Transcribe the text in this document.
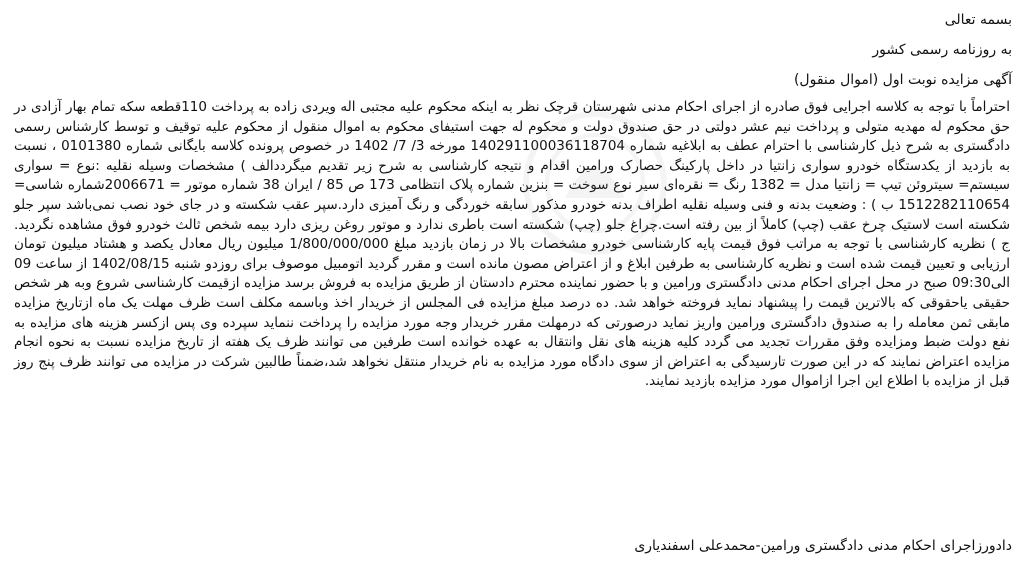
بسمه تعالی
به روزنامه رسمی کشور
آگهی مزایده نوبت اول (اموال منقول)
احتراماً با توجه به کلاسه اجرایی فوق صادره از اجرای احکام مدنی شهرستان قرچک نظر به اینکه محکوم علیه مجتبی اله ویردی زاده به پرداخت 110قطعه سکه تمام بهار آزادی در حق محکوم له مهدیه متولی و پرداخت نیم عشر دولتی در حق صندوق دولت و محکوم له جهت استیفای محکوم به اموال منقول از محکوم علیه توقیف و توسط کارشناس رسمی دادگستری به شرح ذیل کارشناسی با احترام عطف به ابلاغیه شماره 140291100036118704 مورخه 3/ 7/ 1402 در خصوص پرونده کلاسه بایگانی شماره 0101380 ، نسبت به بازدید از یکدستگاه خودرو سواری زانتیا در داخل پارکینگ حصارک ورامین اقدام و نتیجه کارشناسی به شرح زیر تقدیم میگرددالف ) مشخصات وسیله نقلیه :نوع = سواری سیستم= سیتروئن تیپ = زانتیا مدل = 1382 رنگ = نقره‌ای سیر نوع سوخت = بنزین شماره پلاک انتظامی 173 ص 85 / ایران 38 شماره موتور = 2006671شماره شاسی= 1512282110654 ب ) : وضعیت بدنه و فنی وسیله نقلیه اطراف بدنه خودرو مذکور سابقه خوردگی و رنگ آمیزی دارد.سپر عقب شکسته و در جای خود نصب نمی‌باشد سپر جلو شکسته است لاستیک چرخ عقب (چپ) کاملاً از بین رفته است.چراغ جلو (چپ) شکسته است باطری ندارد و موتور روغن ریزی دارد بیمه شخص ثالث خودرو فوق مشاهده نگردید. ج ) نظریه کارشناسی با توجه به مراتب فوق قیمت پایه کارشناسی خودرو مشخصات بالا در زمان بازدید مبلغ 1/800/000/000 میلیون ریال معادل یکصد و هشتاد میلیون تومان ارزیابی و تعیین قیمت شده است و نظریه کارشناسی به طرفین ابلاغ و از اعتراض مصون مانده است و مقرر گردید اتومبیل موصوف برای روزدو شنبه 1402/08/15 از ساعت 09 الی09:30 صبح در محل اجرای احکام مدنی دادگستری ورامین و با حضور نماینده محترم دادستان از طریق مزایده به فروش برسد مزایده ازقیمت کارشناسی شروع وبه هر شخص حقیقی یاحقوقی که بالاترین قیمت را پیشنهاد نماید فروخته خواهد شد. ده درصد مبلغ مزایده فی المجلس از خریدار اخذ وباسمه مکلف است ظرف مهلت یک ماه ازتاریخ مزایده مابقی ثمن معامله را به صندوق دادگستری ورامین واریز نماید درصورتی که درمهلت مقرر خریدار وجه مورد مزایده را پرداخت ننماید سپرده وی پس ازکسر هزینه های مزایده به نفع دولت ضبط ومزایده وفق مقررات تجدید می گردد کلیه هزینه های نقل وانتقال به عهده خوانده است طرفین می توانند ظرف یک هفته از تاریخ مزایده نسبت به نحوه انجام مزایده اعتراض نمایند که در این صورت تارسیدگی به اعتراض از سوی دادگاه مورد مزایده به نام خریدار منتقل نخواهد شد،ضمناً طالبین شرکت در مزایده می توانند ظرف پنج روز قبل از مزایده با اطلاع این اجرا ازاموال مورد مزایده بازدید نمایند.
دادورزاجرای احکام مدنی دادگستری ورامین-محمدعلی اسفندیاری
